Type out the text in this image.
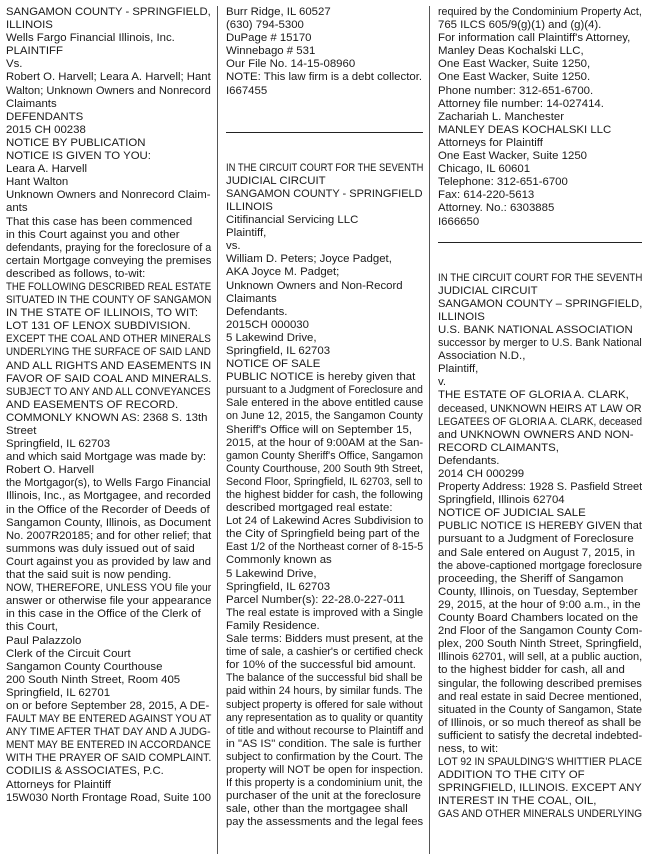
SANGAMON COUNTY - SPRINGFIELD,
ILLINOIS
Wells Fargo Financial Illinois, Inc.
PLAINTIFF
Vs.
Robert O. Harvell; Leara A. Harvell; Hant
Walton; Unknown Owners and Nonrecord
Claimants
DEFENDANTS
2015 CH 00238
NOTICE BY PUBLICATION
NOTICE IS GIVEN TO YOU:
Leara A. Harvell
Hant Walton
Unknown Owners and Nonrecord Claim-
ants
That this case has been commenced
in this Court against you and other
defendants, praying for the foreclosure of a
certain Mortgage conveying the premises
described as follows, to-wit:
THE FOLLOWING DESCRIBED REAL ESTATE
SITUATED IN THE COUNTY OF SANGAMON
IN THE STATE OF ILLINOIS, TO WIT:
LOT 131 OF LENOX SUBDIVISION.
EXCEPT THE COAL AND OTHER MINERALS
UNDERLYING THE SURFACE OF SAID LAND
AND ALL RIGHTS AND EASEMENTS IN
FAVOR OF SAID COAL AND MINERALS.
SUBJECT TO ANY AND ALL CONVEYANCES
AND EASEMENTS OF RECORD.
COMMONLY KNOWN AS: 2368 S. 13th
Street
Springfield, IL 62703
and which said Mortgage was made by:
Robert O. Harvell
the Mortgagor(s), to Wells Fargo Financial
Illinois, Inc., as Mortgagee, and recorded
in the Office of the Recorder of Deeds of
Sangamon County, Illinois, as Document
No. 2007R20185; and for other relief; that
summons was duly issued out of said
Court against you as provided by law and
that the said suit is now pending.
NOW, THEREFORE, UNLESS YOU file your
answer or otherwise file your appearance
in this case in the Office of the Clerk of
this Court,
Paul Palazzolo
Clerk of the Circuit Court
Sangamon County Courthouse
200 South Ninth Street, Room 405
Springfield, IL 62701
on or before September 28, 2015, A DE-
FAULT MAY BE ENTERED AGAINST YOU AT
ANY TIME AFTER THAT DAY AND A JUDG-
MENT MAY BE ENTERED IN ACCORDANCE
WITH THE PRAYER OF SAID COMPLAINT.
CODILIS & ASSOCIATES, P.C.
Attorneys for Plaintiff
15W030 North Frontage Road, Suite 100
Burr Ridge, IL 60527
(630) 794-5300
DuPage # 15170
Winnebago # 531
Our File No. 14-15-08960
NOTE: This law firm is a debt collector.
I667455
IN THE CIRCUIT COURT FOR THE SEVENTH
JUDICIAL CIRCUIT
SANGAMON COUNTY - SPRINGFIELD
ILLINOIS
Citifinancial Servicing LLC
Plaintiff,
vs.
William D. Peters; Joyce Padget,
AKA Joyce M. Padget;
Unknown Owners and Non-Record
Claimants
Defendants.
2015CH 000030
5 Lakewind Drive,
Springfield, IL 62703
NOTICE OF SALE
PUBLIC NOTICE is hereby given that
pursuant to a Judgment of Foreclosure and
Sale entered in the above entitled cause
on June 12, 2015, the Sangamon County
Sheriff's Office will on September 15,
2015, at the hour of 9:00AM at the San-
gamon County Sheriff's Office, Sangamon
County Courthouse, 200 South 9th Street,
Second Floor, Springfield, IL 62703, sell to
the highest bidder for cash, the following
described mortgaged real estate:
Lot 24 of Lakewind Acres Subdivision to
the City of Springfield being part of the
East 1/2 of the Northeast corner of 8-15-5
Commonly known as
5 Lakewind Drive,
Springfield, IL 62703
Parcel Number(s): 22-28.0-227-011
The real estate is improved with a Single
Family Residence.
Sale terms: Bidders must present, at the
time of sale, a cashier's or certified check
for 10% of the successful bid amount.
The balance of the successful bid shall be
paid within 24 hours, by similar funds. The
subject property is offered for sale without
any representation as to quality or quantity
of title and without recourse to Plaintiff and
in "AS IS" condition. The sale is further
subject to confirmation by the Court. The
property will NOT be open for inspection.
If this property is a condominium unit, the
purchaser of the unit at the foreclosure
sale, other than the mortgagee shall
pay the assessments and the legal fees
required by the Condominium Property Act,
765 ILCS 605/9(g)(1) and (g)(4).
For information call Plaintiff's Attorney,
Manley Deas Kochalski LLC,
One East Wacker, Suite 1250,
One East Wacker, Suite 1250.
Phone number: 312-651-6700.
Attorney file number: 14-027414.
Zachariah L. Manchester
MANLEY DEAS KOCHALSKI LLC
Attorneys for Plaintiff
One East Wacker, Suite 1250
Chicago, IL 60601
Telephone: 312-651-6700
Fax: 614-220-5613
Attorney. No.: 6303885
I666650
IN THE CIRCUIT COURT FOR THE SEVENTH
JUDICIAL CIRCUIT
SANGAMON COUNTY – SPRINGFIELD,
ILLINOIS
U.S. BANK NATIONAL ASSOCIATION
successor by merger to U.S. Bank National
Association N.D.,
Plaintiff,
v.
THE ESTATE OF GLORIA A. CLARK,
deceased, UNKNOWN HEIRS AT LAW OR
LEGATEES OF GLORIA A. CLARK, deceased
and UNKNOWN OWNERS AND NON-
RECORD CLAIMANTS,
Defendants.
2014 CH 000299
Property Address: 1928 S. Pasfield Street
Springfield, Illinois 62704
NOTICE OF JUDICIAL SALE
PUBLIC NOTICE IS HEREBY GIVEN that
pursuant to a Judgment of Foreclosure
and Sale entered on August 7, 2015, in
the above-captioned mortgage foreclosure
proceeding, the Sheriff of Sangamon
County, Illinois, on Tuesday, September
29, 2015, at the hour of 9:00 a.m., in the
County Board Chambers located on the
2nd Floor of the Sangamon County Com-
plex, 200 South Ninth Street, Springfield,
Illinois 62701, will sell, at a public auction,
to the highest bidder for cash, all and
singular, the following described premises
and real estate in said Decree mentioned,
situated in the County of Sangamon, State
of Illinois, or so much thereof as shall be
sufficient to satisfy the decretal indebted-
ness, to wit:
LOT 92 IN SPAULDING'S WHITTIER PLACE
ADDITION TO THE CITY OF
SPRINGFIELD, ILLINOIS. EXCEPT ANY
INTEREST IN THE COAL, OIL,
GAS AND OTHER MINERALS UNDERLYING
